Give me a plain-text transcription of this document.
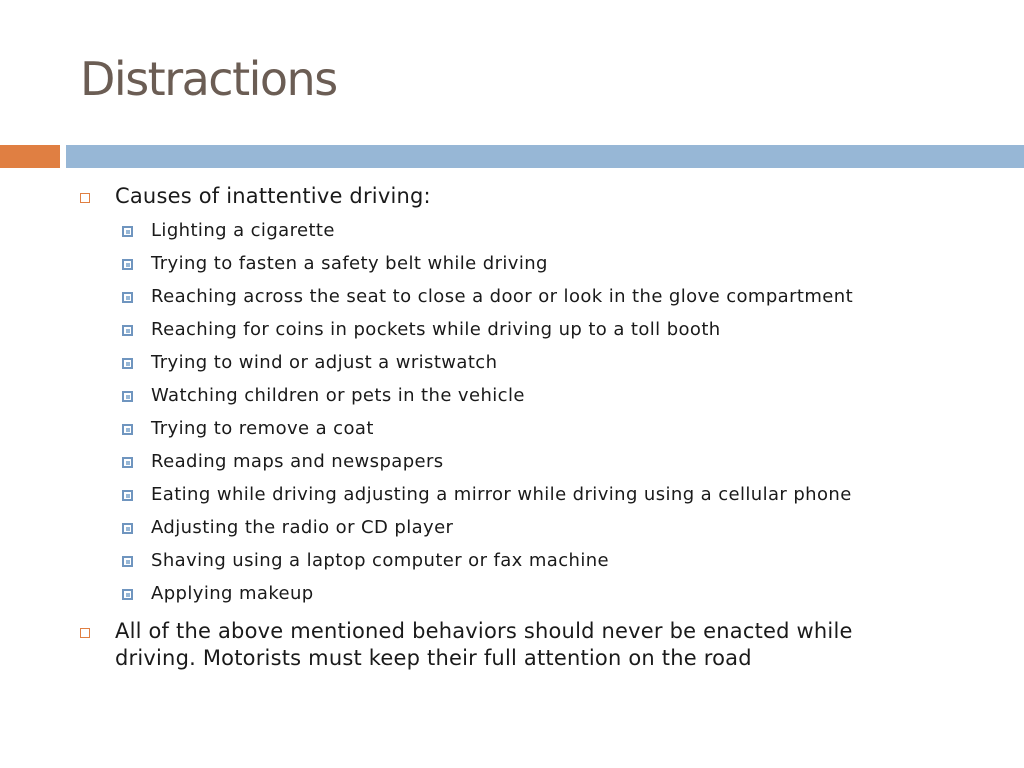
Distractions

Causes of inattentive driving:

Lighting a cigarette

Trying to fasten a safety belt while driving

Reaching across the seat to close a door or look in the glove compartment

Reaching for coins in pockets while driving up to a toll booth

Trying to wind or adjust a wristwatch

Watching children or pets in the vehicle

Trying to remove a coat

Reading maps and newspapers

Eating while driving adjusting a mirror while driving using a cellular phone

Adjusting the radio or CD player

Shaving using a laptop computer or fax machine

Applying makeup

All of the above mentioned behaviors should never be enacted while

driving. Motorists must keep their full attention on the road
